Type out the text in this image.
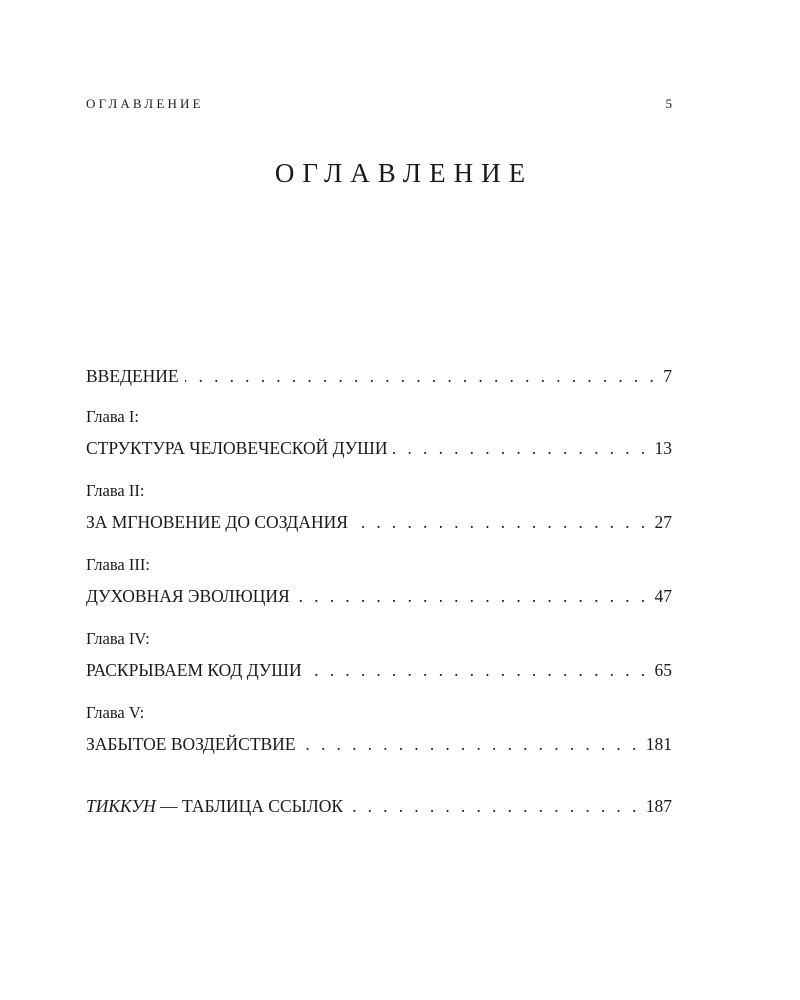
ОГЛАВЛЕНИЕ	5
ОГЛАВЛЕНИЕ
ВВЕДЕНИЕ . . .	7
Глава I:
СТРУКТУРА ЧЕЛОВЕЧЕСКОЙ ДУШИ . . .	13
Глава II:
ЗА МГНОВЕНИЕ ДО СОЗДАНИЯ . . .	27
Глава III:
ДУХОВНАЯ ЭВОЛЮЦИЯ . . .	47
Глава IV:
РАСКРЫВАЕМ КОД ДУШИ . . .	65
Глава V:
ЗАБЫТОЕ ВОЗДЕЙСТВИЕ . . .	181
ТИККУН — ТАБЛИЦА ССЫЛОК . . .	187
